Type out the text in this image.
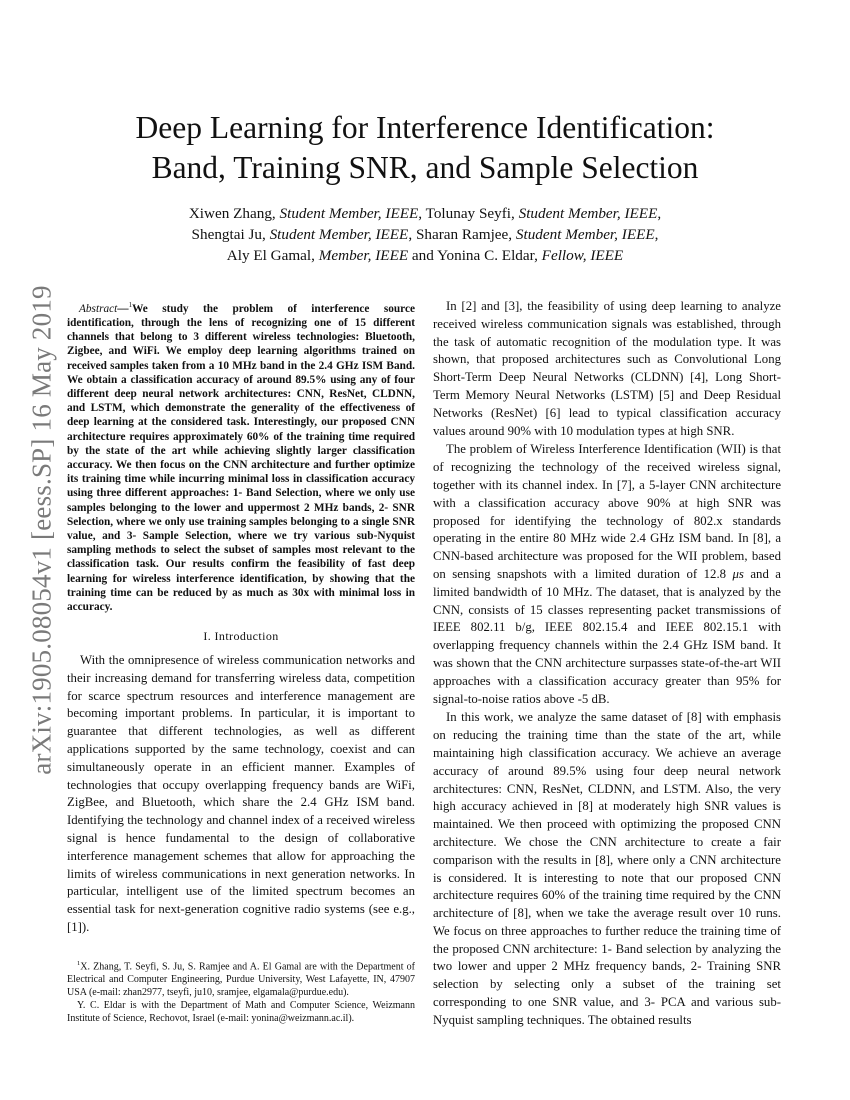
arXiv:1905.08054v1 [eess.SP] 16 May 2019
Deep Learning for Interference Identification:
Band, Training SNR, and Sample Selection
Xiwen Zhang, Student Member, IEEE, Tolunay Seyfi, Student Member, IEEE,
Shengtai Ju, Student Member, IEEE, Sharan Ramjee, Student Member, IEEE,
Aly El Gamal, Member, IEEE and Yonina C. Eldar, Fellow, IEEE

Abstract—$^1$We study the problem of interference source identification, through the lens of recognizing one of 15 different channels that belong to 3 different wireless technologies: Bluetooth, Zigbee, and WiFi. We employ deep learning algorithms trained on received samples taken from a 10 MHz band in the 2.4 GHz ISM Band. We obtain a classification accuracy of around 89.5% using any of four different deep neural network architectures: CNN, ResNet, CLDNN, and LSTM, which demonstrate the generality of the effectiveness of deep learning at the considered task. Interestingly, our proposed CNN architecture requires approximately 60% of the training time required by the state of the art while achieving slightly larger classification accuracy. We then focus on the CNN architecture and further optimize its training time while incurring minimal loss in classification accuracy using three different approaches: 1- Band Selection, where we only use samples belonging to the lower and uppermost 2 MHz bands, 2- SNR Selection, where we only use training samples belonging to a single SNR value, and 3- Sample Selection, where we try various sub-Nyquist sampling methods to select the subset of samples most relevant to the classification task. Our results confirm the feasibility of fast deep learning for wireless interference identification, by showing that the training time can be reduced by as much as 30x with minimal loss in accuracy.

I. Introduction

With the omnipresence of wireless communication networks and their increasing demand for transferring wireless data, competition for scarce spectrum resources and interference management are becoming important problems. In particular, it is important to guarantee that different technologies, as well as different applications supported by the same technology, coexist and can simultaneously operate in an efficient manner. Examples of technologies that occupy overlapping frequency bands are WiFi, ZigBee, and Bluetooth, which share the 2.4 GHz ISM band. Identifying the technology and channel index of a received wireless signal is hence fundamental to the design of collaborative interference management schemes that allow for approaching the limits of wireless communications in next generation networks. In particular, intelligent use of the limited spectrum becomes an essential task for next-generation cognitive radio systems (see e.g., [1]).

$^1$X. Zhang, T. Seyfi, S. Ju, S. Ramjee and A. El Gamal are with the Department of Electrical and Computer Engineering, Purdue University, West Lafayette, IN, 47907 USA (e-mail: zhan2977, tseyfi, ju10, sramjee, elgamala@purdue.edu).

Y. C. Eldar is with the Department of Math and Computer Science, Weizmann Institute of Science, Rechovot, Israel (e-mail: yonina@weizmann.ac.il).

In [2] and [3], the feasibility of using deep learning to analyze received wireless communication signals was established, through the task of automatic recognition of the modulation type. It was shown, that proposed architectures such as Convolutional Long Short-Term Deep Neural Networks (CLDNN) [4], Long Short-Term Memory Neural Networks (LSTM) [5] and Deep Residual Networks (ResNet) [6] lead to typical classification accuracy values around 90% with 10 modulation types at high SNR.

The problem of Wireless Interference Identification (WII) is that of recognizing the technology of the received wireless signal, together with its channel index. In [7], a 5-layer CNN architecture with a classification accuracy above 90% at high SNR was proposed for identifying the technology of 802.x standards operating in the entire 80 MHz wide 2.4 GHz ISM band. In [8], a CNN-based architecture was proposed for the WII problem, based on sensing snapshots with a limited duration of 12.8 μs and a limited bandwidth of 10 MHz. The dataset, that is analyzed by the CNN, consists of 15 classes representing packet transmissions of IEEE 802.11 b/g, IEEE 802.15.4 and IEEE 802.15.1 with overlapping frequency channels within the 2.4 GHz ISM band. It was shown that the CNN architecture surpasses state-of-the-art WII approaches with a classification accuracy greater than 95% for signal-to-noise ratios above -5 dB.

In this work, we analyze the same dataset of [8] with emphasis on reducing the training time than the state of the art, while maintaining high classification accuracy. We achieve an average accuracy of around 89.5% using four deep neural network architectures: CNN, ResNet, CLDNN, and LSTM. Also, the very high accuracy achieved in [8] at moderately high SNR values is maintained. We then proceed with optimizing the proposed CNN architecture. We chose the CNN architecture to create a fair comparison with the results in [8], where only a CNN architecture is considered. It is interesting to note that our proposed CNN architecture requires 60% of the training time required by the CNN architecture of [8], when we take the average result over 10 runs. We focus on three approaches to further reduce the training time of the proposed CNN architecture: 1- Band selection by analyzing the two lower and upper 2 MHz frequency bands, 2- Training SNR selection by selecting only a subset of the training set corresponding to one SNR value, and 3- PCA and various sub-Nyquist sampling techniques. The obtained results
